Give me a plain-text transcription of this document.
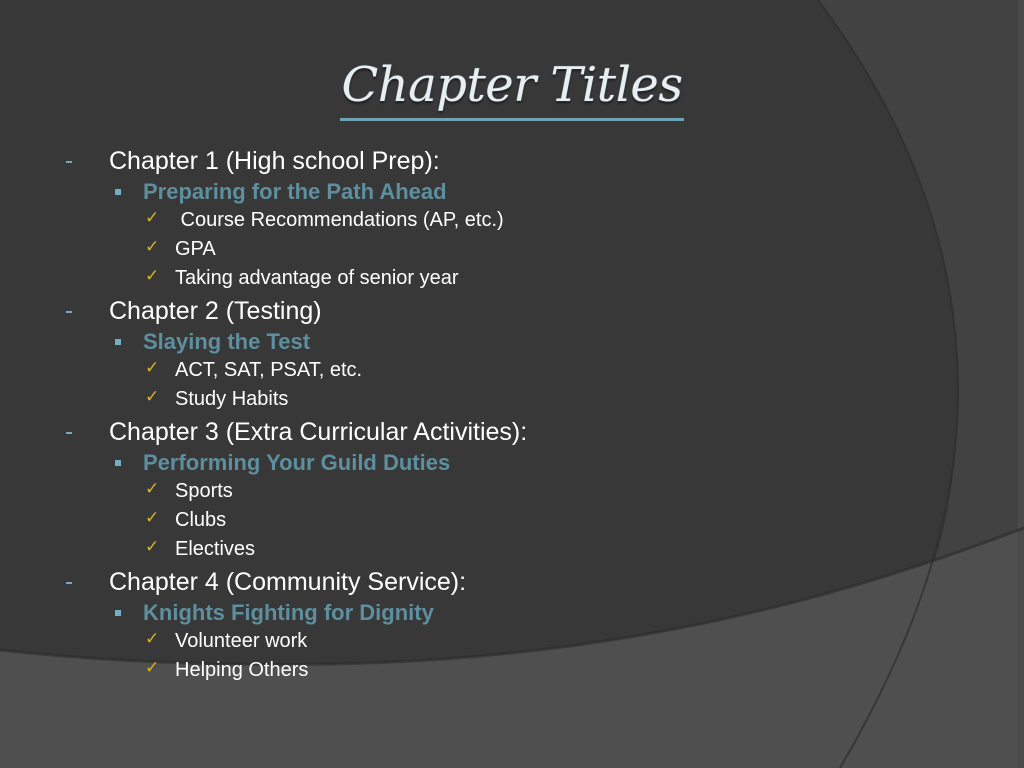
Chapter Titles
Chapter 1 (High school Prep):
Preparing for the Path Ahead
✓ Course Recommendations (AP, etc.)
✓ GPA
✓ Taking advantage of senior year
Chapter 2 (Testing)
Slaying the Test
✓ ACT, SAT, PSAT, etc.
✓ Study Habits
Chapter 3 (Extra Curricular Activities):
Performing Your Guild Duties
✓ Sports
✓ Clubs
✓ Electives
Chapter 4 (Community Service):
Knights Fighting for Dignity
✓ Volunteer work
✓ Helping Others
